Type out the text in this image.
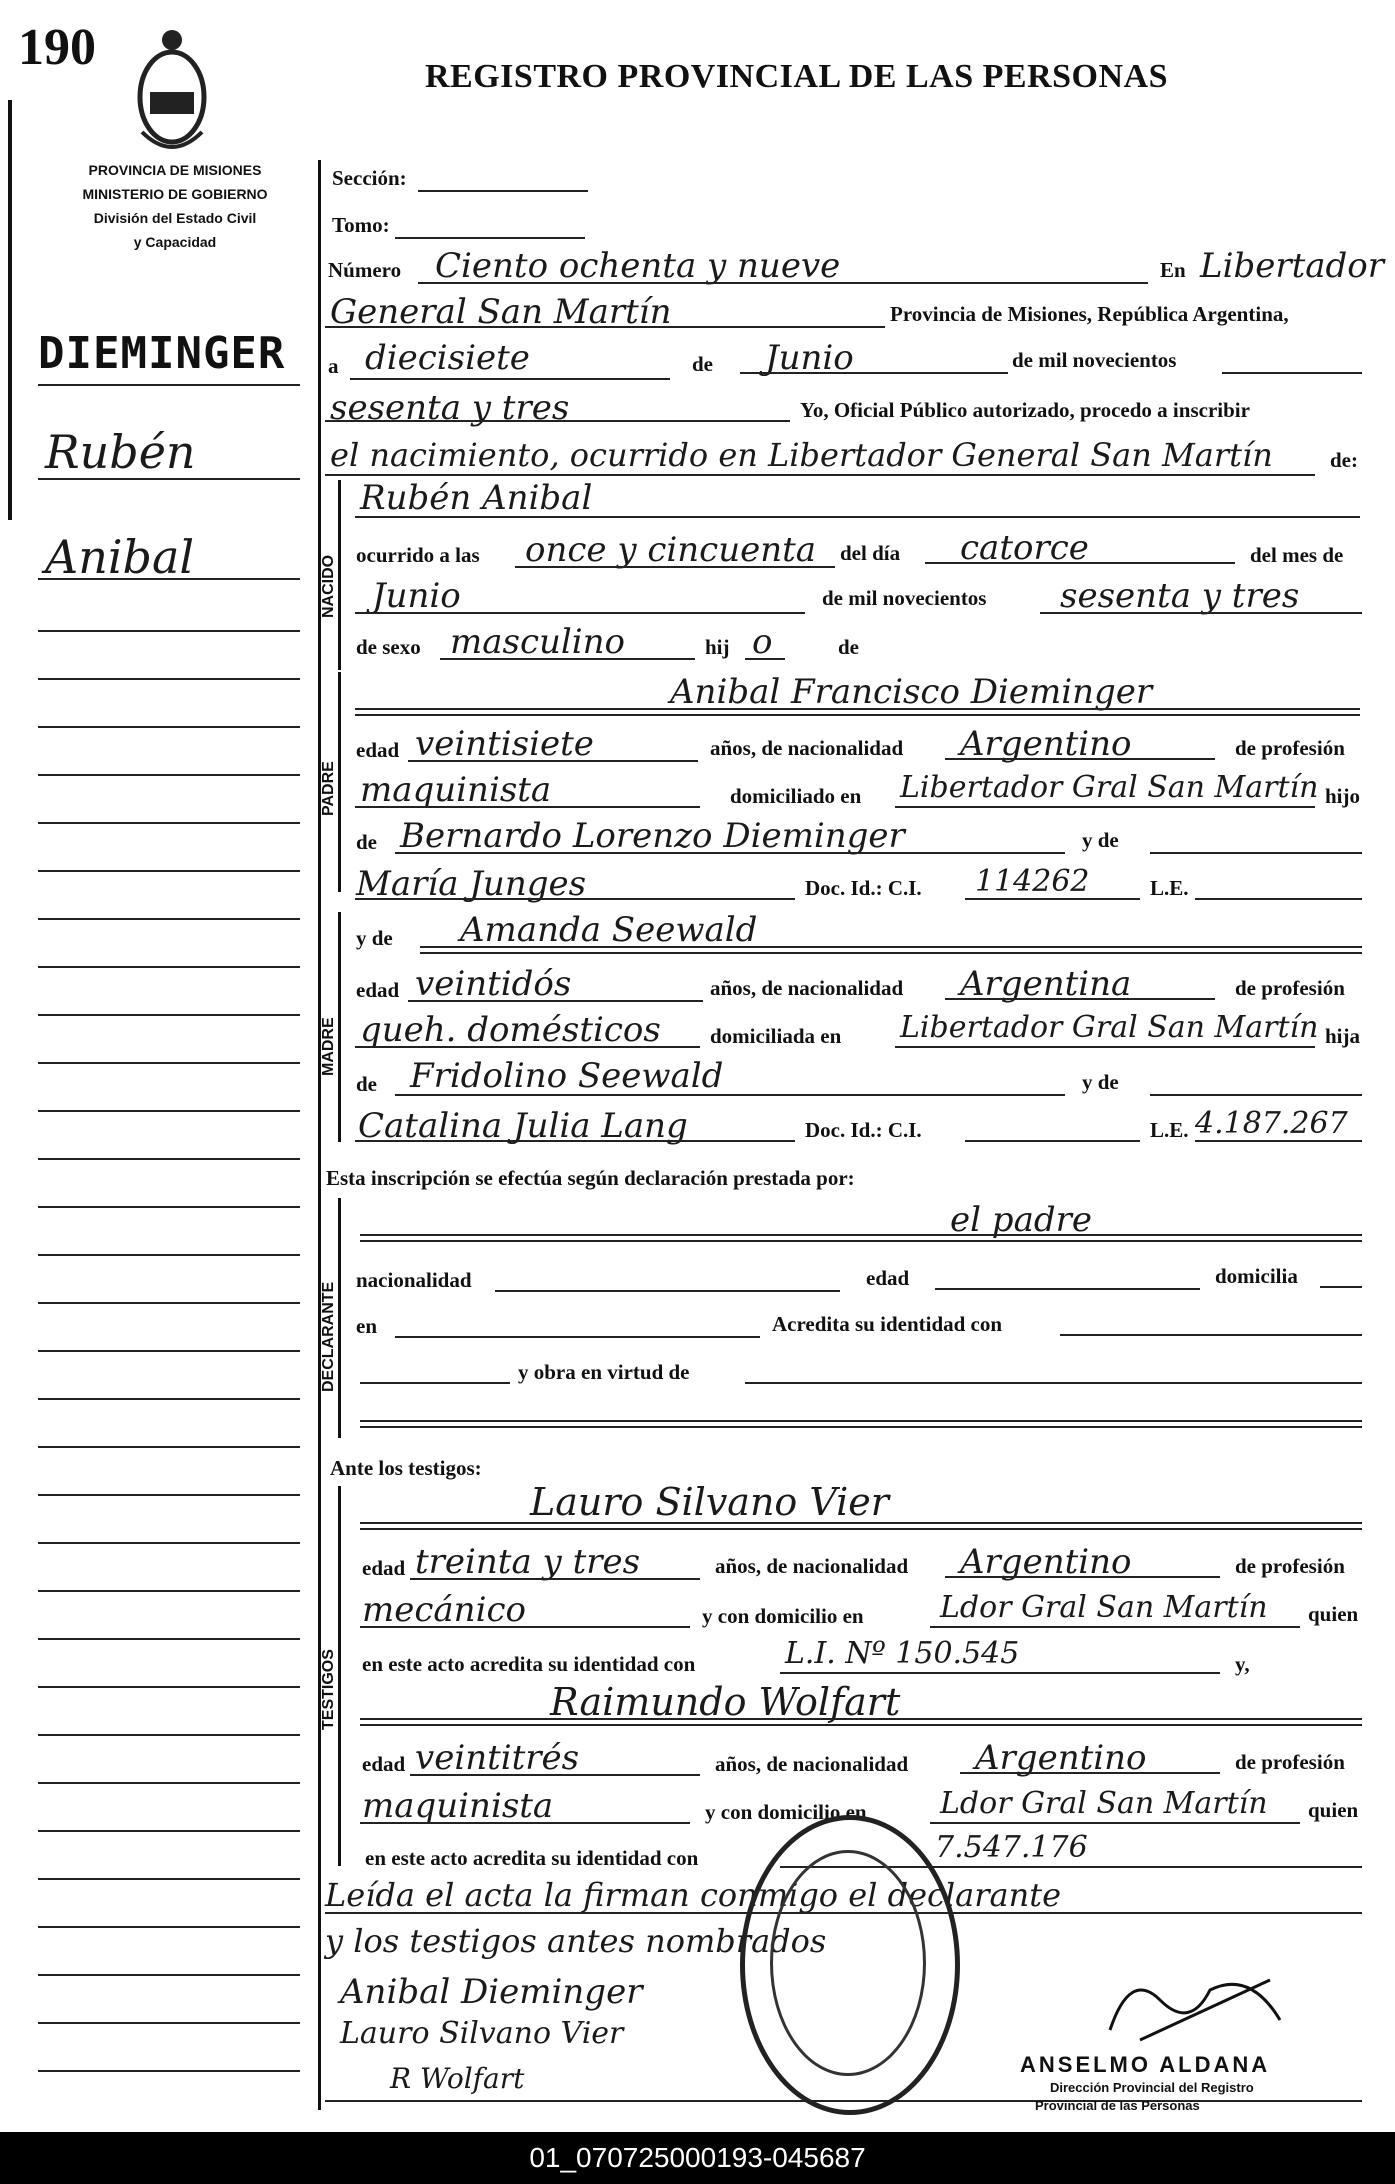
190
REGISTRO PROVINCIAL DE LAS PERSONAS
PROVINCIA DE MISIONES
MINISTERIO DE GOBIERNO
División del Estado Civil
y Capacidad
DIEMINGER
Rubén
Anibal
Sección:
Tomo:
Número Ciento ochenta y nueve	En Libertador
General San Martín	Provincia de Misiones, República Argentina,
a diecisiete	de Junio	de mil novecientos
sesenta y tres	Yo, Oficial Público autorizado, procedo a inscribir
el nacimiento, ocurrido en Libertador General San Martín	de:
NACIDO
Rubén Anibal
ocurrido a las once y cincuenta del día catorce	del mes de
Junio	de mil novecientos sesenta y tres
de sexo masculino	hij o	de
PADRE
Anibal Francisco Dieminger
edad veintisiete	años, de nacionalidad Argentino	de profesión
maquinista	domiciliado en Libertador Gral San Martín hijo
de Bernardo Lorenzo Dieminger	y de
María Junges	Doc. Id.: C.I. 114262	L.E.
MADRE
y de Amanda Seewald
edad veintidós	años, de nacionalidad Argentina	de profesión
queh. domésticos domiciliada en Libertador Gral San Martín hija
de Fridolino Seewald	y de
Catalina Julia Lang	Doc. Id.: C.I.	L.E. 4.187.267
Esta inscripción se efectúa según declaración prestada por:
DECLARANTE
el padre
nacionalidad	edad	domicilia
en	Acredita su identidad con
y obra en virtud de
Ante los testigos:
TESTIGOS
Lauro Silvano Vier
edad treinta y tres	años, de nacionalidad Argentino	de profesión
mecánico	y con domicilio en	Ldor Gral San Martín quien
en este acto acredita su identidad con	L.I. Nº 150.545	y,
Raimundo Wolfart
edad veintitrés	años, de nacionalidad Argentino	de profesión
maquinista	y con domicilio en Ldor Gral San Martín quien
en este acto acredita su identidad con	7.547.176
Leída el acta la firman conmigo el declarante
y los testigos antes nombrados
Anibal Dieminger
Lauro Silvano Vier
R Wolfart	ANSELMO ALDANA
Dirección Provincial del Registro
Provincial de las Personas
01_070725000193-045687
